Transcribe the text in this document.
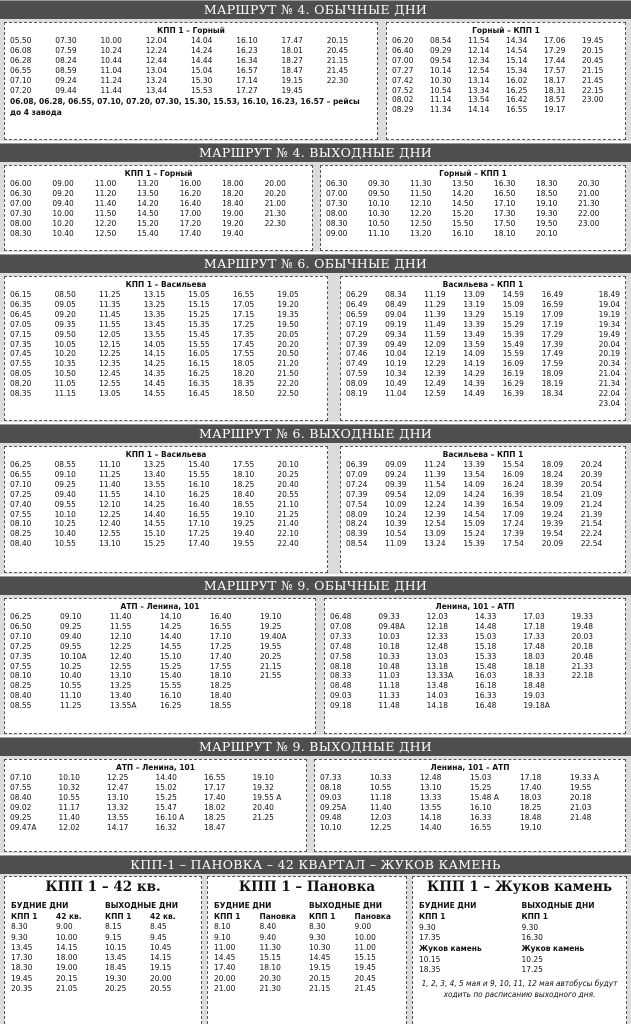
МАРШРУТ № 4. ОБЫЧНЫЕ ДНИ
КПП 1 – Горный
05.50	07.30	10.00	12.04	14.04	16.10	17.47	20.15
06.08	07.59	10.24	12.24	14.24	16.23	18.01	20.45
06.28	08.24	10.44	12.44	14.44	16.34	18.27	21.15
06.55	08.59	11.04	13.04	15.04	16.57	18.47	21.45
07.10	09.24	11.24	13.24	15.30	17.14	19.15	22.30
07.20	09.44	11.44	13.44	15.53	17.27	19.45
06.08, 06.28, 06.55, 07.10, 07.20, 07.30, 15.30, 15.53, 16.10, 16.23, 16.57 – рейсы до 4 завода
Горный – КПП 1
06.20	08.54	11.54	14.34	17.06	19.45
06.40	09.29	12.14	14.54	17.29	20.15
07.00	09.54	12.34	15.14	17.44	20.45
07.27	10.14	12.54	15.34	17.57	21.15
07.42	10.30	13.14	16.02	18.17	21.45
07.52	10.54	13.34	16.25	18.31	22.15
08.02	11.14	13.54	16.42	18.57	23.00
08.29	11.34	14.14	16.55	19.17
МАРШРУТ № 4. ВЫХОДНЫЕ ДНИ
КПП 1 – Горный
06.00	09.00	11.00	13.20	16.00	18.00	20.00
06.30	09.20	11.20	13.50	16.20	18.20	20.20
07.00	09.40	11.40	14.20	16.40	18.40	21.00
07.30	10.00	11.50	14.50	17.00	19.00	21.30
08.00	10.20	12.20	15.20	17.20	19.20	22.30
08.30	10.40	12.50	15.40	17.40	19.40
Горный – КПП 1
06.30	09.30	11.30	13.50	16.30	18.30	20.30
07.00	09.50	11.50	14.20	16.50	18.50	21.00
07.30	10.10	12.10	14.50	17.10	19.10	21.30
08.00	10.30	12.20	15.20	17.30	19.30	22.00
08.30	10.50	12.50	15.50	17.50	19.50	23.00
09.00	11.10	13.20	16.10	18.10	20.10
МАРШРУТ № 6. ОБЫЧНЫЕ ДНИ
КПП 1 – Васильева
06.15	08.50	11.25	13.15	15.05	16.55	19.05
06.35	09.05	11.35	13.25	15.15	17.05	19.20
06.45	09.20	11.45	13.35	15.25	17.15	19.35
07.05	09.35	11.55	13.45	15.35	17.25	19.50
07.15	09.50	12.05	13.55	15.45	17.35	20.05
07.35	10.05	12.15	14.05	15.55	17.45	20.20
07.45	10.20	12.25	14.15	16.05	17.55	20.50
07.55	10.35	12.35	14.25	16.15	18.05	21.20
08.05	10.50	12.45	14.35	16.25	18.20	21.50
08.20	11.05	12.55	14.45	16.35	18.35	22.20
08.35	11.15	13.05	14.55	16.45	18.50	22.50
Васильева – КПП 1
06.29	08.34	11.19	13.09	14.59	16.49	18.49
06.49	08.49	11.29	13.19	15.09	16.59	19.04
06.59	09.04	11.39	13.29	15.19	17.09	19.19
07.19	09.19	11.49	13.39	15.29	17.19	19.34
07.29	09.34	11.59	13.49	15.39	17.29	19.49
07.39	09.49	12.09	13.59	15.49	17.39	20.04
07.46	10.04	12.19	14.09	15.59	17.49	20.19
07.49	10.19	12.29	14.19	16.09	17.59	20.34
07.59	10.34	12.39	14.29	16.19	18.09	21.04
08.09	10.49	12.49	14.39	16.29	18.19	21.34
08.19	11.04	12.59	14.49	16.39	18.34	22.04
23.04
МАРШРУТ № 6. ВЫХОДНЫЕ ДНИ
КПП 1 – Васильева
06.25	08.55	11.10	13.25	15.40	17.55	20.10
06.55	09.10	11.25	13.40	15.55	18.10	20.25
07.10	09.25	11.40	13.55	16.10	18.25	20.40
07.25	09.40	11.55	14.10	16.25	18.40	20.55
07.40	09.55	12.10	14.25	16.40	18.55	21.10
07.55	10.10	12.25	14.40	16.55	19.10	21.25
08.10	10.25	12.40	14.55	17.10	19.25	21.40
08.25	10.40	12.55	15.10	17.25	19.40	22.10
08.40	10.55	13.10	15.25	17.40	19.55	22.40
Васильева – КПП 1
06.39	09.09	11.24	13.39	15.54	18.09	20.24
07.09	09.24	11.39	13.54	16.09	18.24	20.39
07.24	09.39	11.54	14.09	16.24	18.39	20.54
07.39	09.54	12.09	14.24	16.39	18.54	21.09
07.54	10.09	12.24	14.39	16.54	19.09	21.24
08.09	10.24	12.39	14.54	17.09	19.24	21.39
08.24	10.39	12.54	15.09	17.24	19.39	21.54
08.39	10.54	13.09	15.24	17.39	19.54	22.24
08.54	11.09	13.24	15.39	17.54	20.09	22.54
МАРШРУТ № 9. ОБЫЧНЫЕ ДНИ
АТП – Ленина, 101
06.25	09.10	11.40	14.10	16.40	19.10
06.50	09.25	11.55	14.25	16.55	19.25
07.10	09.40	12.10	14.40	17.10	19.40А
07.25	09.55	12.25	14.55	17.25	19.55
07.35	10.10А	12.40	15.10	17.40	20.25
07.55	10.25	12.55	15.25	17.55	21.15
08.10	10.40	13.10	15.40	18.10	21.55
08.25	10.55	13.25	15.55	18.25
08.40	11.10	13.40	16.10	18.40
08.55	11.25	13.55А	16.25	18.55
Ленина, 101 – АТП
06.48	09.33	12.03	14.33	17.03	19.33
07.08	09.48А	12.18	14.48	17.18	19.48
07.33	10.03	12.33	15.03	17.33	20.03
07.48	10.18	12.48	15.18	17.48	20.18
07.58	10.33	13.03	15.33	18.03	20.48
08.18	10.48	13.18	15.48	18.18	21.33
08.33	11.03	13.33А	16.03	18.33	22.18
08.48	11.18	13.48	16.18	18.48
09.03	11.33	14.03	16.33	19.03
09.18	11.48	14.18	16.48	19.18А
МАРШРУТ № 9. ВЫХОДНЫЕ ДНИ
АТП – Ленина, 101
07.10	10.10	12.25	14.40	16.55	19.10
07.55	10.32	12.47	15.02	17.17	19.32
08.40	10.55	13.10	15.25	17.40	19.55 А
09.02	11.17	13.32	15.47	18.02	20.40
09.25	11.40	13.55	16.10 А	18.25	21.25
09.47А	12.02	14.17	16.32	18.47
Ленина, 101 – АТП
07.33	10.33	12.48	15.03	17.18	19.33 А
08.18	10.55	13.10	15.25	17.40	19.55
09.03	11.18	13.33	15.48 А	18.03	20.18
09.25А	11.40	13.55	16.10	18.25	21.03
09.48	12.03	14.18	16.33	18.48	21.48
10.10	12.25	14.40	16.55	19.10
КПП-1 – ПАНОВКА – 42 КВАРТАЛ – ЖУКОВ КАМЕНЬ
КПП 1 – 42 кв.
БУДНИЕ ДНИ
КПП 1	42 кв.
8.30	9.00
9.30	10.00
13.45	14.15
17.30	18.00
18.30	19.00
19.45	20.15
20.35	21.05
ВЫХОДНЫЕ ДНИ
КПП 1	42 кв.
8.15	8.45
9.15	9.45
10.15	10.45
13.45	14.15
18.45	19.15
19.30	20.00
20.25	20.55
КПП 1 – Пановка
БУДНИЕ ДНИ
КПП 1	Пановка
8.10	8.40
9.10	9.40
11.00	11.30
14.45	15.15
17.40	18.10
20.00	20.30
21.00	21.30
ВЫХОДНЫЕ ДНИ
КПП 1	Пановка
8.30	9.00
9.30	10.00
10.30	11.00
14.45	15.15
19.15	19.45
20.15	20.45
21.15	21.45
КПП 1 – Жуков камень
БУДНИЕ ДНИ
КПП 1
9.30
17.35
Жуков камень
10.15
18.35
ВЫХОДНЫЕ ДНИ
КПП 1
9.30
16.30
Жуков камень
10.25
17.25
1, 2, 3, 4, 5 мая и 9, 10, 11, 12 мая автобусы будут ходить по расписанию выходного дня.
